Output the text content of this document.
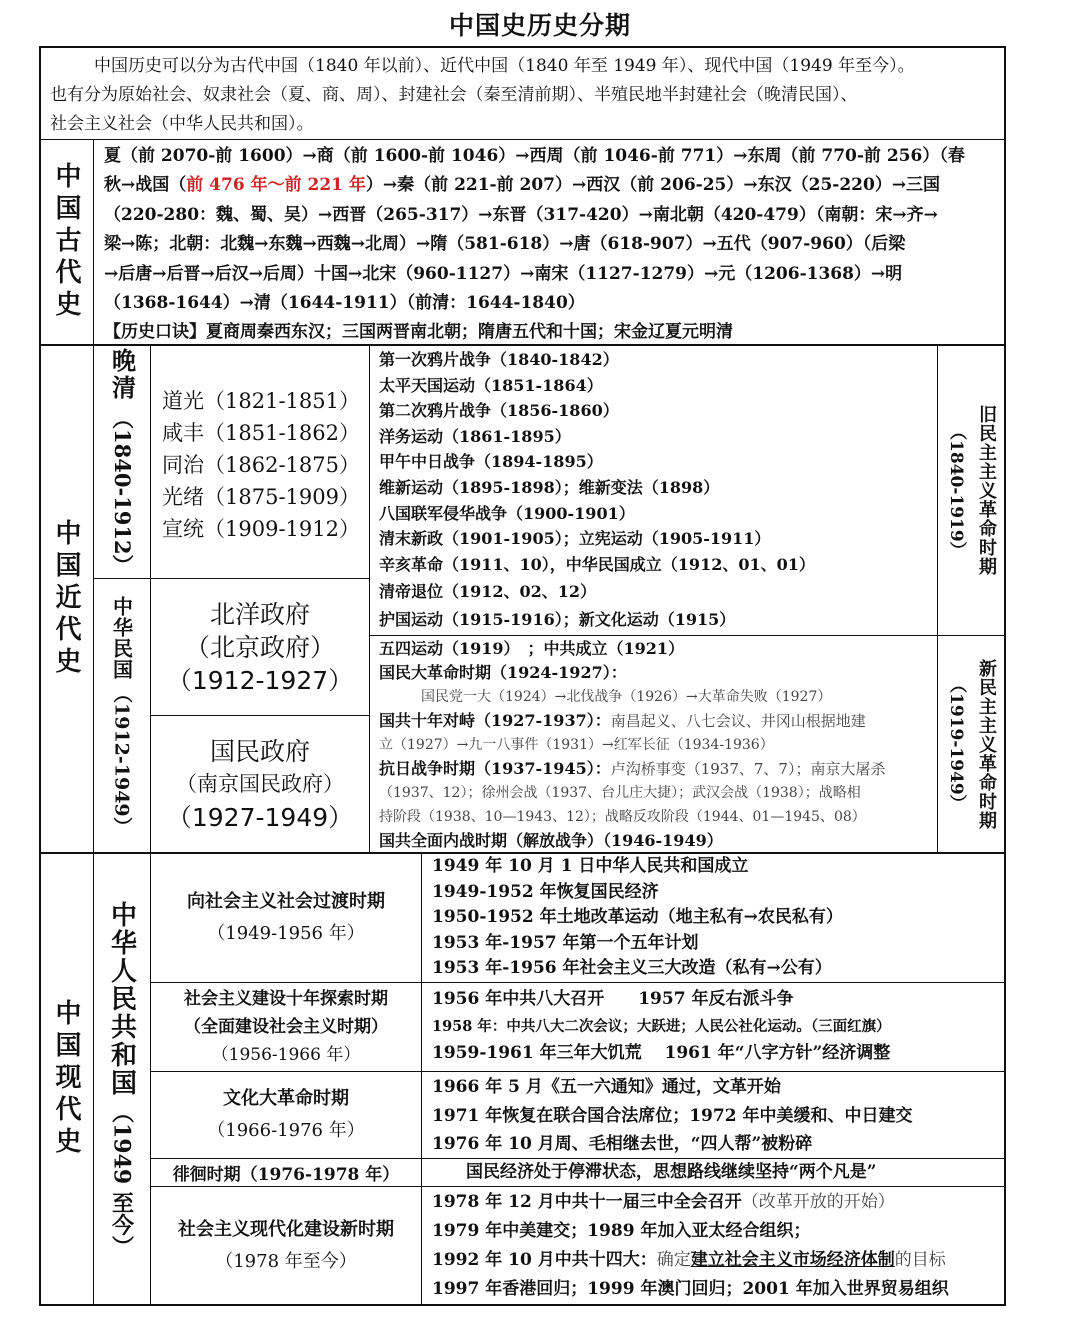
中国史历史分期

中国历史可以分为古代中国（1840 年以前）、近代中国（1840 年至 1949 年）、现代中国（1949 年至今）。

也有分为原始社会、奴隶社会（夏、商、周）、封建社会（秦至清前期）、半殖民地半封建社会（晚清民国）、

社会主义社会（中华人民共和国）。

中国古代史

夏（前 2070-前 1600）→商（前 1600-前 1046）→西周（前 1046-前 771）→东周（前 770-前 256）（春

秋→战国（前 476 年～前 221 年）→秦（前 221-前 207）→西汉（前 206-25）→东汉（25-220）→三国

（220-280：魏、蜀、吴）→西晋（265-317）→东晋（317-420）→南北朝（420-479）（南朝：宋→齐→

梁→陈；北朝：北魏→东魏→西魏→北周）→隋（581-618）→唐（618-907）→五代（907-960）（后梁

→后唐→后晋→后汉→后周）十国→北宋（960-1127）→南宋（1127-1279）→元（1206-1368）→明

（1368-1644）→清（1644-1911）（前清：1644-1840）

【历史口诀】夏商周秦西东汉；三国两晋南北朝；隋唐五代和十国；宋金辽夏元明清

中国近代史
晚清
（1840-1912）
道光（1821-1851）
咸丰（1851-1862）
同治（1862-1875）
光绪（1875-1909）
宣统（1909-1912）
中华民国
（1912-1949）
北洋政府
（北京政府）
（1912-1927）
国民政府
（南京国民政府）
（1927-1949）

第一次鸦片战争（1840-1842）

太平天国运动（1851-1864）

第二次鸦片战争（1856-1860）

洋务运动（1861-1895）

甲午中日战争（1894-1895）

维新运动（1895-1898）；维新变法（1898）

八国联军侵华战争（1900-1901）

清末新政（1901-1905）；立宪运动（1905-1911）

辛亥革命（1911、10），中华民国成立（1912、01、01）

清帝退位（1912、02、12）

护国运动（1915-1916）；新文化运动（1915）

五四运动（1919）　；中共成立（1921）
国民大革命时期（1924-1927）：
国民党一大（1924）→北伐战争（1926）→大革命失败（1927）
国共十年对峙（1927-1937）：南昌起义、八七会议、井冈山根据地建
立（1927）→九一八事件（1931）→红军长征（1934-1936）
抗日战争时期（1937-1945）：卢沟桥事变（1937、7、7）；南京大屠杀
（1937、12）；徐州会战（1937、台儿庄大捷）；武汉会战（1938）；战略相
持阶段（1938、10—1943、12）；战略反攻阶段（1944、01—1945、08）
国共全面内战时期（解放战争）（1946-1949）
旧民主主义革命时期
（1840-1919）
新民主主义革命时期
（1919-1949）
中国现代史 中华人民共和国
（1949 至今）
向社会主义社会过渡时期
（1949-1956 年）
1949 年 10 月 1 日中华人民共和国成立
1949-1952 年恢复国民经济
1950-1952 年土地改革运动（地主私有→农民私有）
1953 年-1957 年第一个五年计划
1953 年-1956 年社会主义三大改造（私有→公有）
社会主义建设十年探索时期
（全面建设社会主义时期）
（1956-1966 年）
1956 年中共八大召开　　1957 年反右派斗争
1958 年：中共八大二次会议；大跃进；人民公社化运动。（三面红旗）
1959-1961 年三年大饥荒　 1961 年“八字方针”经济调整
文化大革命时期
（1966-1976 年）
1966 年 5 月《五一六通知》通过，文革开始
1971 年恢复在联合国合法席位；1972 年中美缓和、中日建交
1976 年 10 月周、毛相继去世，“四人帮”被粉碎
徘徊时期（1976-1978 年）	国民经济处于停滞状态，思想路线继续坚持“两个凡是”
社会主义现代化建设新时期
（1978 年至今）
1978 年 12 月中共十一届三中全会召开（改革开放的开始）
1979 年中美建交；1989 年加入亚太经合组织；
1992 年 10 月中共十四大：确定建立社会主义市场经济体制的目标
1997 年香港回归；1999 年澳门回归；2001 年加入世界贸易组织
